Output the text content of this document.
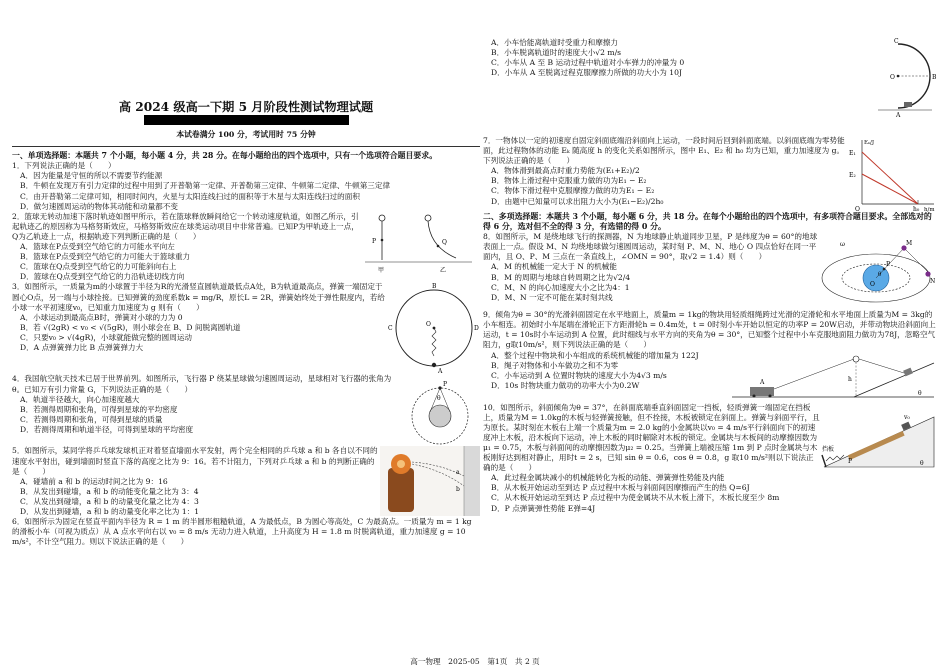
高 2024 级高一下期 5 月阶段性测试物理试题

本试卷满分 100 分，考试用时 75 分钟

一、单项选择题：本题共 7 个小题，每小题 4 分，共 28 分。在每小题给出的四个选项中，只有一个选项符合题目要求。

1．下列说法正确的是（　　）

A．因为能量是守恒的所以不需要节约能源

B．牛顿在发现万有引力定律的过程中用到了开普勒第一定律、开普勒第三定律、牛顿第二定律、牛顿第三定律

C．由开普勒第二定律可知，相同时间内，火星与太阳连线扫过的面积等于木星与太阳连线扫过的面积

D．做匀速圆周运动的物体其动能和动量都不变

2．篮球无转动加速下落时轨迹如图甲所示，若在篮球释放瞬间给它一个转动速度轨道，如图乙所示，引起轨迹乙的原因称为马格努斯效应，马格努斯效应在球类运动项目中非常普遍。已知P为甲轨迹上一点，Q为乙轨迹上一点，根据轨迹下列判断正确的是（　　）

A．篮球在P点受到空气给它的力可能水平向左

B．篮球在P点受到空气给它的力可能大于篮球重力

C．篮球在Q点受到空气给它的力可能斜向右上

D．篮球在Q点受到空气给它的力沿轨迹切线方向

P	Q
甲	乙

3．如图所示，一质量为m的小球置于半径为R的光滑竖直圆轨道最低点A处，B为轨道最高点，弹簧一端固定于圆心O点，另一端与小球拴接。已知弹簧的劲度系数k = mg/R，原长L = 2R，弹簧始终处于弹性限度内，若给小球一水平初速度v₀，已知重力加速度为 g 则有（　　）

A．小球运动到最高点B时，弹簧对小球的力为 0

B．若 √(2gR) < v₀ < √(5gR)，则小球会在 B、D 间脱离圆轨道

C．只要v₀ > √(4gR)，小球就能做完整的圆周运动

D．A 点弹簧弹力比 B 点弹簧弹力大

B
C
O
D
A

4．我国航空航天技术已居于世界前列。如图所示，飞行器 P 绕某星球做匀速圆周运动，星球相对飞行器的张角为 θ。已知万有引力常量 G，下列说法正确的是（　　）

A．轨道半径越大，向心加速度越大

B．若测得周期和张角，可得到星球的平均密度

C．若测得周期和张角，可得到星球的质量

D．若测得周期和轨道半径，可得到星球的平均密度

P
θ

5．如图所示，某同学将乒乓球发球机正对着竖直墙面水平发射，两个完全相同的乒乓球 a 和 b 各自以不同的速度水平射出，碰到墙面时竖直下落的高度之比为 9：16。若不计阻力，下列对乒乓球 a 和 b 的判断正确的是（　　）

A．碰墙前 a 和 b 的运动时间之比为 9：16

B．从发出到碰墙，a 和 b 的动能变化量之比为 3：4

C．从发出到碰墙，a 和 b 的动量变化量之比为 4：3

D．从发出到碰墙，a 和 b 的动量变化率之比为 1：1

a
b

6．如图所示为固定在竖直平面内半径为 R = 1 m 的半圆形粗糙轨道，A 为最低点，B 为圆心等高处，C 为最高点。一质量为 m = 1 kg 的滑板小车（可视为质点）从 A 点水平向右以 v₀ = 8 m/s 无动力进入轨道，上升高度为 H = 1.8 m 时脱离轨道，重力加速度 g = 10 m/s²，不计空气阻力。则以下说法正确的是（　　）

A．小车恰能离轨道时受重力和摩擦力

B．小车脱离轨道时的速度大小√2 m/s

C．小车从 A 至 B 运动过程中轨道对小车弹力的冲量为 0

D．小车从 A 至脱离过程克服摩擦力所做的功大小为 10J

C
O	B
A

7．一物体以一定的初速度自固定斜面底端沿斜面向上运动，一段时间后回到斜面底端。以斜面底端为零势能面，此过程物体的动能 Eₖ 随高度 h 的变化关系如图所示，图中 E₁、E₂ 和 h₀ 均为已知，重力加速度为 g。下列说法正确的是（　　）

A．物体滑到最高点时重力势能为(E₁+E₂)/2

B．物体上滑过程中克服重力做的功为E₁ − E₂

C．物体下滑过程中克服摩擦力做的功为E₁ − E₂

D．由题中已知量可以求出阻力大小为(E₁−E₂)/2h₀

Eₖ/J
E₁
E₂
O	h₀ h/m

二、多项选择题：本题共 3 个小题，每小题 6 分，共 18 分。在每个小题给出的四个选项中，有多项符合题目要求。全部选对的得 6 分，选对但不全的得 3 分，有选错的得 0 分。

8．如图所示，M 是绕地球飞行的探测器，N 为地球静止轨道同步卫星，P 是纬度为θ = 60°的地球表面上一点。假设 M、N 均绕地球做匀速圆周运动，某时刻 P、M、N、地心 O 四点恰好在同一平面内，且 O、P、M 三点在一条直线上，∠OMN = 90°，取√2 = 1.4）则（　　）

A．M 的机械能一定大于 N 的机械能

B．M 的周期与地球自转周期之比为√2/4

C．M、N 的向心加速度大小之比为4：1

D．M、N 一定不可能在某时刻共线

ω	M
P
θ
O	N

9．倾角为θ = 30°的光滑斜面固定在水平地面上，质量m = 1kg的物块用轻质细绳跨过光滑的定滑轮和水平地面上质量为M = 3kg的小车相连。初始时小车尾端在滑轮正下方距滑轮h = 0.4m处，t = 0时刻小车开始以恒定的功率P = 20W启动，并带动物块沿斜面向上运动，t = 10s时小车运动到 A 位置，此时细线与水平方向的夹角为θ = 30°，已知整个过程中小车克服地面阻力做功为78J，忽略空气阻力，g取10m/s²，则下列说法正确的是（　　）

A．整个过程中物块和小车组成的系统机械能的增加量为 122J

B．绳子对物体和小车做功之和不为零

C．小车运动到 A 位置时物块的速度大小为4√3 m/s

D．10s 时物块重力做功的功率大小为0.2W

h
A
θ

10．如图所示，斜面倾角为θ = 37°，在斜面底端垂直斜面固定一挡板，轻质弹簧一端固定在挡板上，质量为M = 1.0kg的木板与轻弹簧接触，但不拴接，木板被锁定在斜面上。弹簧与斜面平行，且为原长。某时刻在木板右上端一个质量为m = 2.0 kg的小金属块以v₀ = 4 m/s平行斜面向下的初速度冲上木板，沿木板向下运动，冲上木板的同时解除对木板的锁定。金属块与木板间的动摩擦因数为μ₁ = 0.75，木板与斜面间的动摩擦因数为μ₂ = 0.25。当弹簧上端被压缩 1m 到 P 点时金属块与木板刚好达到相对静止，用时t = 2 s，已知 sin θ = 0.6，cos θ = 0.8，g 取10 m/s²则以下说法正确的是（　　）

挡板
v₀
P	θ

A．此过程金属块减小的机械能转化为板的动能、弹簧弹性势能及内能

B．从木板开始运动至到达 P 点过程中木板与斜面间因摩擦而产生的热 Q=6J

C．从木板开始运动至到达 P 点过程中为使金属块不从木板上滑下，木板长度至少 8m

D．P 点弹簧弹性势能 E弹=4J

高一物理　2025-05　第1页　共 2 页
